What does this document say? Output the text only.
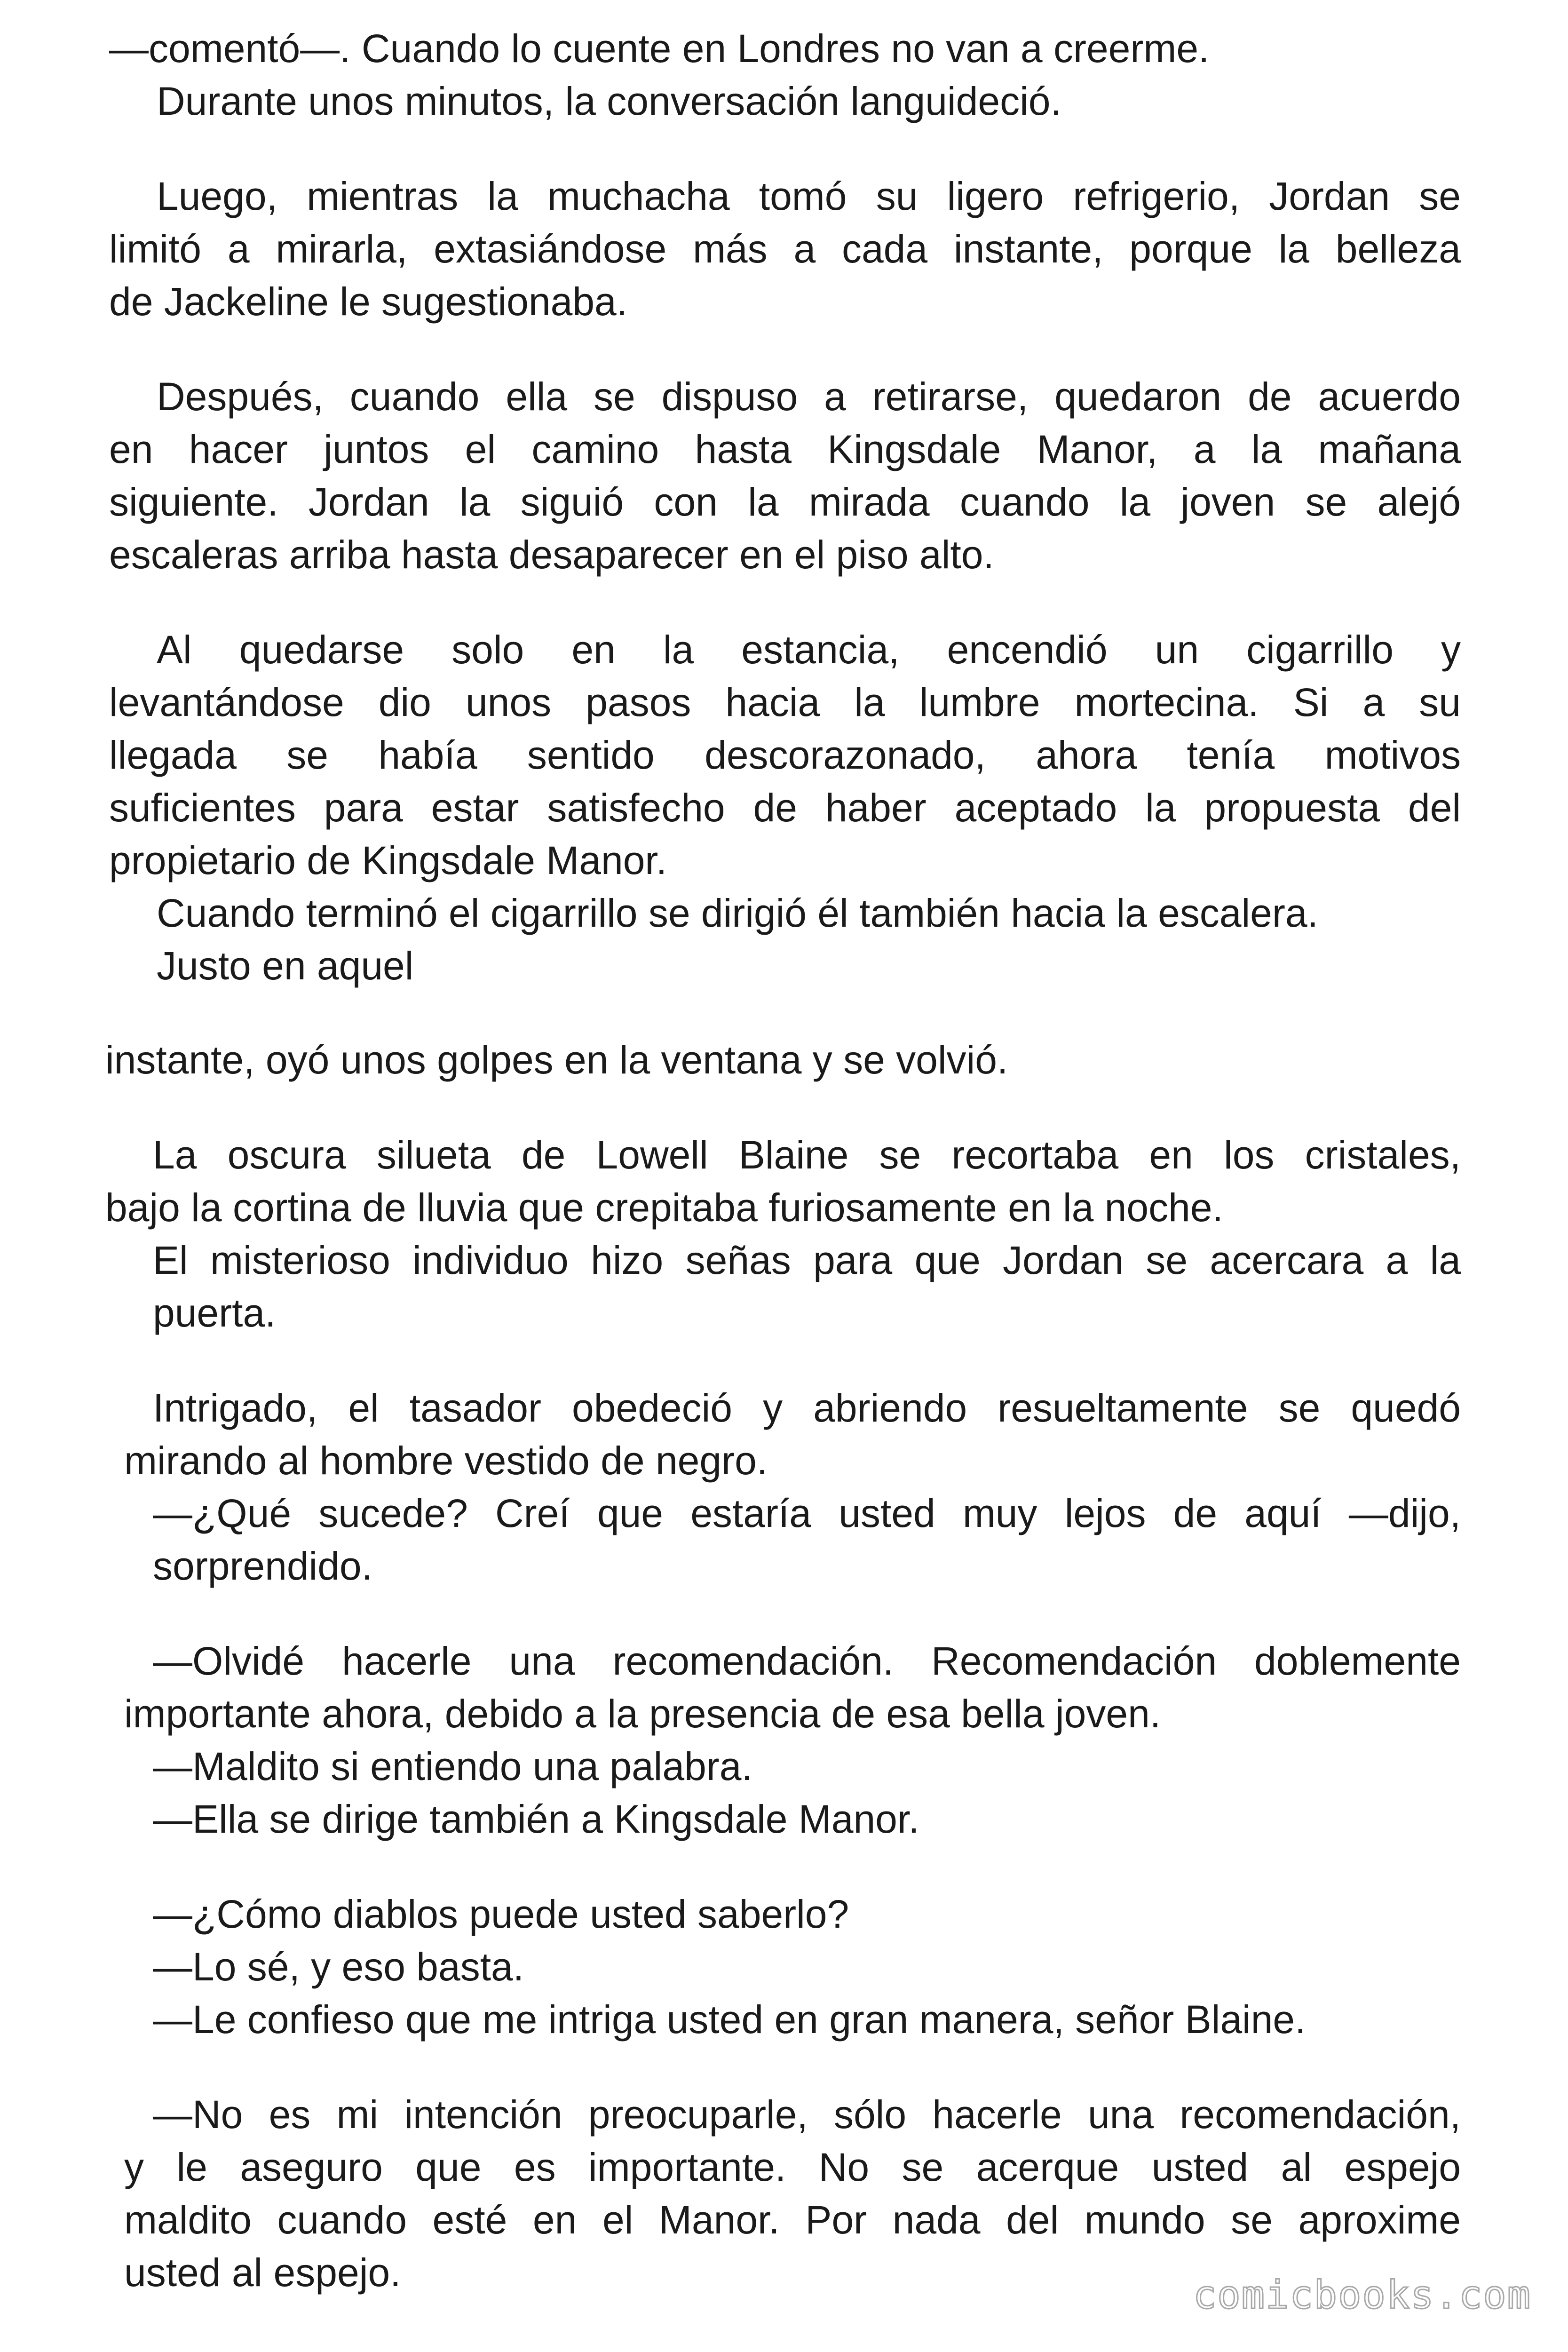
—comentó—. Cuando lo cuente en Londres no van a creerme.
Durante unos minutos, la conversación languideció.
Luego, mientras la muchacha tomó su ligero refrigerio, Jordan se
limitó a mirarla, extasiándose más a cada instante, porque la belleza
de Jackeline le sugestionaba.
Después, cuando ella se dispuso a retirarse, quedaron de acuerdo
en hacer juntos el camino hasta Kingsdale Manor, a la mañana
siguiente. Jordan la siguió con la mirada cuando la joven se alejó
escaleras arriba hasta desaparecer en el piso alto.
Al quedarse solo en la estancia, encendió un cigarrillo y
levantándose dio unos pasos hacia la lumbre mortecina. Si a su
llegada se había sentido descorazonado, ahora tenía motivos
suficientes para estar satisfecho de haber aceptado la propuesta del
propietario de Kingsdale Manor.
Cuando terminó el cigarrillo se dirigió él también hacia la escalera.
Justo en aquel
instante, oyó unos golpes en la ventana y se volvió.
La oscura silueta de Lowell Blaine se recortaba en los cristales,
bajo la cortina de lluvia que crepitaba furiosamente en la noche.
El misterioso individuo hizo señas para que Jordan se acercara a la
puerta.
Intrigado, el tasador obedeció y abriendo resueltamente se quedó
mirando al hombre vestido de negro.
—¿Qué sucede? Creí que estaría usted muy lejos de aquí —dijo,
sorprendido.
—Olvidé hacerle una recomendación. Recomendación doblemente
importante ahora, debido a la presencia de esa bella joven.
—Maldito si entiendo una palabra.
—Ella se dirige también a Kingsdale Manor.
—¿Cómo diablos puede usted saberlo?
—Lo sé, y eso basta.
—Le confieso que me intriga usted en gran manera, señor Blaine.
—No es mi intención preocuparle, sólo hacerle una recomendación,
y le aseguro que es importante. No se acerque usted al espejo
maldito cuando esté en el Manor. Por nada del mundo se aproxime
usted al espejo.
comicbooks.com
